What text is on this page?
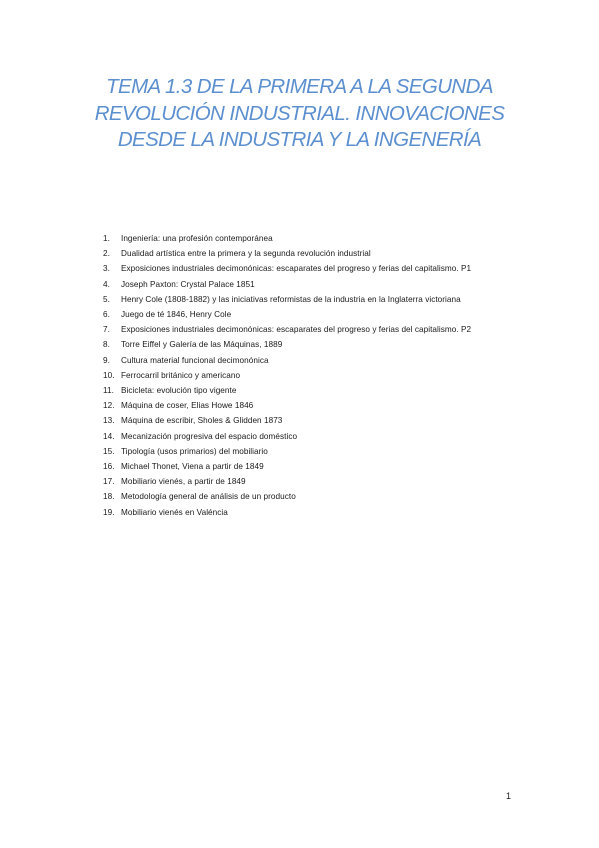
TEMA 1.3 DE LA PRIMERA A LA SEGUNDA
REVOLUCIÓN INDUSTRIAL. INNOVACIONES
DESDE LA INDUSTRIA Y LA INGENERÍA
1. Ingeniería: una profesión contemporánea
2. Dualidad artística entre la primera y la segunda revolución industrial
3. Exposiciones industriales decimonónicas: escaparates del progreso y ferias del capitalismo. P1
4. Joseph Paxton: Crystal Palace 1851
5. Henry Cole (1808-1882) y las iniciativas reformistas de la industria en la Inglaterra victoriana
6. Juego de té 1846, Henry Cole
7. Exposiciones industriales decimonónicas: escaparates del progreso y ferias del capitalismo. P2
8. Torre Eiffel y Galería de las Máquinas, 1889
9. Cultura material funcional decimonónica
10. Ferrocarril británico y americano
11. Bicicleta: evolución tipo vigente
12. Máquina de coser, Elias Howe 1846
13. Máquina de escribir, Sholes & Glidden 1873
14. Mecanización progresiva del espacio doméstico
15. Tipología (usos primarios) del mobiliario
16. Michael Thonet, Viena a partir de 1849
17. Mobiliario vienés, a partir de 1849
18. Metodología general de análisis de un producto
19. Mobiliario vienés en Valéncia
1
